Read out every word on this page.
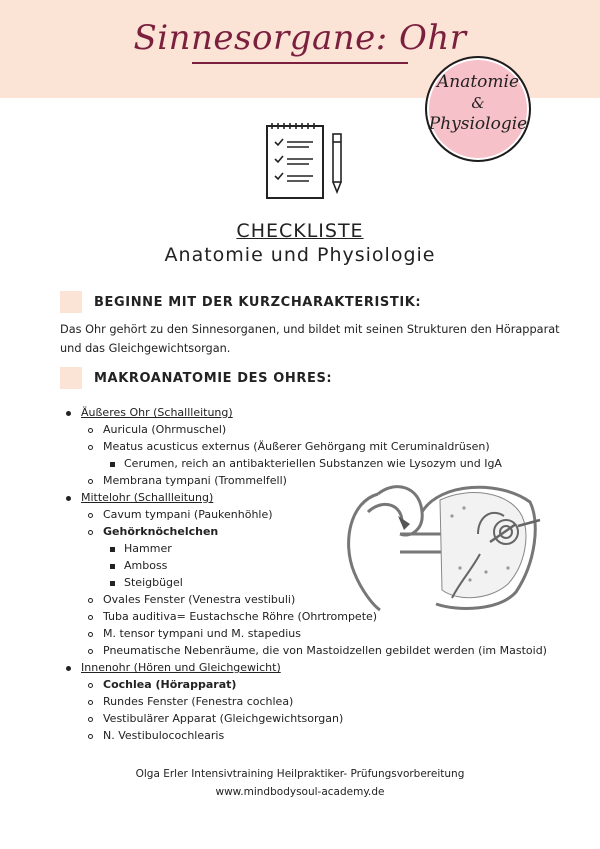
Sinnesorgane: Ohr
Anatomie
&
Physiologie
CHECKLISTE
Anatomie und Physiologie
BEGINNE MIT DER KURZCHARAKTERISTIK:
Das Ohr gehört zu den Sinnesorganen, und bildet mit seinen Strukturen den Hörapparat
und das Gleichgewichtsorgan.
MAKROANATOMIE DES OHRES:
Äußeres Ohr (Schallleitung)
Auricula (Ohrmuschel)
Meatus acusticus externus (Äußerer Gehörgang mit Ceruminaldrüsen)
Cerumen, reich an antibakteriellen Substanzen wie Lysozym und IgA
Membrana tympani (Trommelfell)
Mittelohr (Schallleitung)
Cavum tympani (Paukenhöhle)
Gehörknöchelchen
Hammer
Amboss
Steigbügel
Ovales Fenster (Venestra vestibuli)
Tuba auditiva= Eustachsche Röhre (Ohrtrompete)
M. tensor tympani und M. stapedius
Pneumatische Nebenräume, die von Mastoidzellen gebildet werden (im Mastoid)
Innenohr (Hören und Gleichgewicht)
Cochlea (Hörapparat)
Rundes Fenster (Fenestra cochlea)
Vestibulärer Apparat (Gleichgewichtsorgan)
N. Vestibulocochlearis
Olga Erler Intensivtraining Heilpraktiker- Prüfungsvorbereitung
www.mindbodysoul-academy.de
